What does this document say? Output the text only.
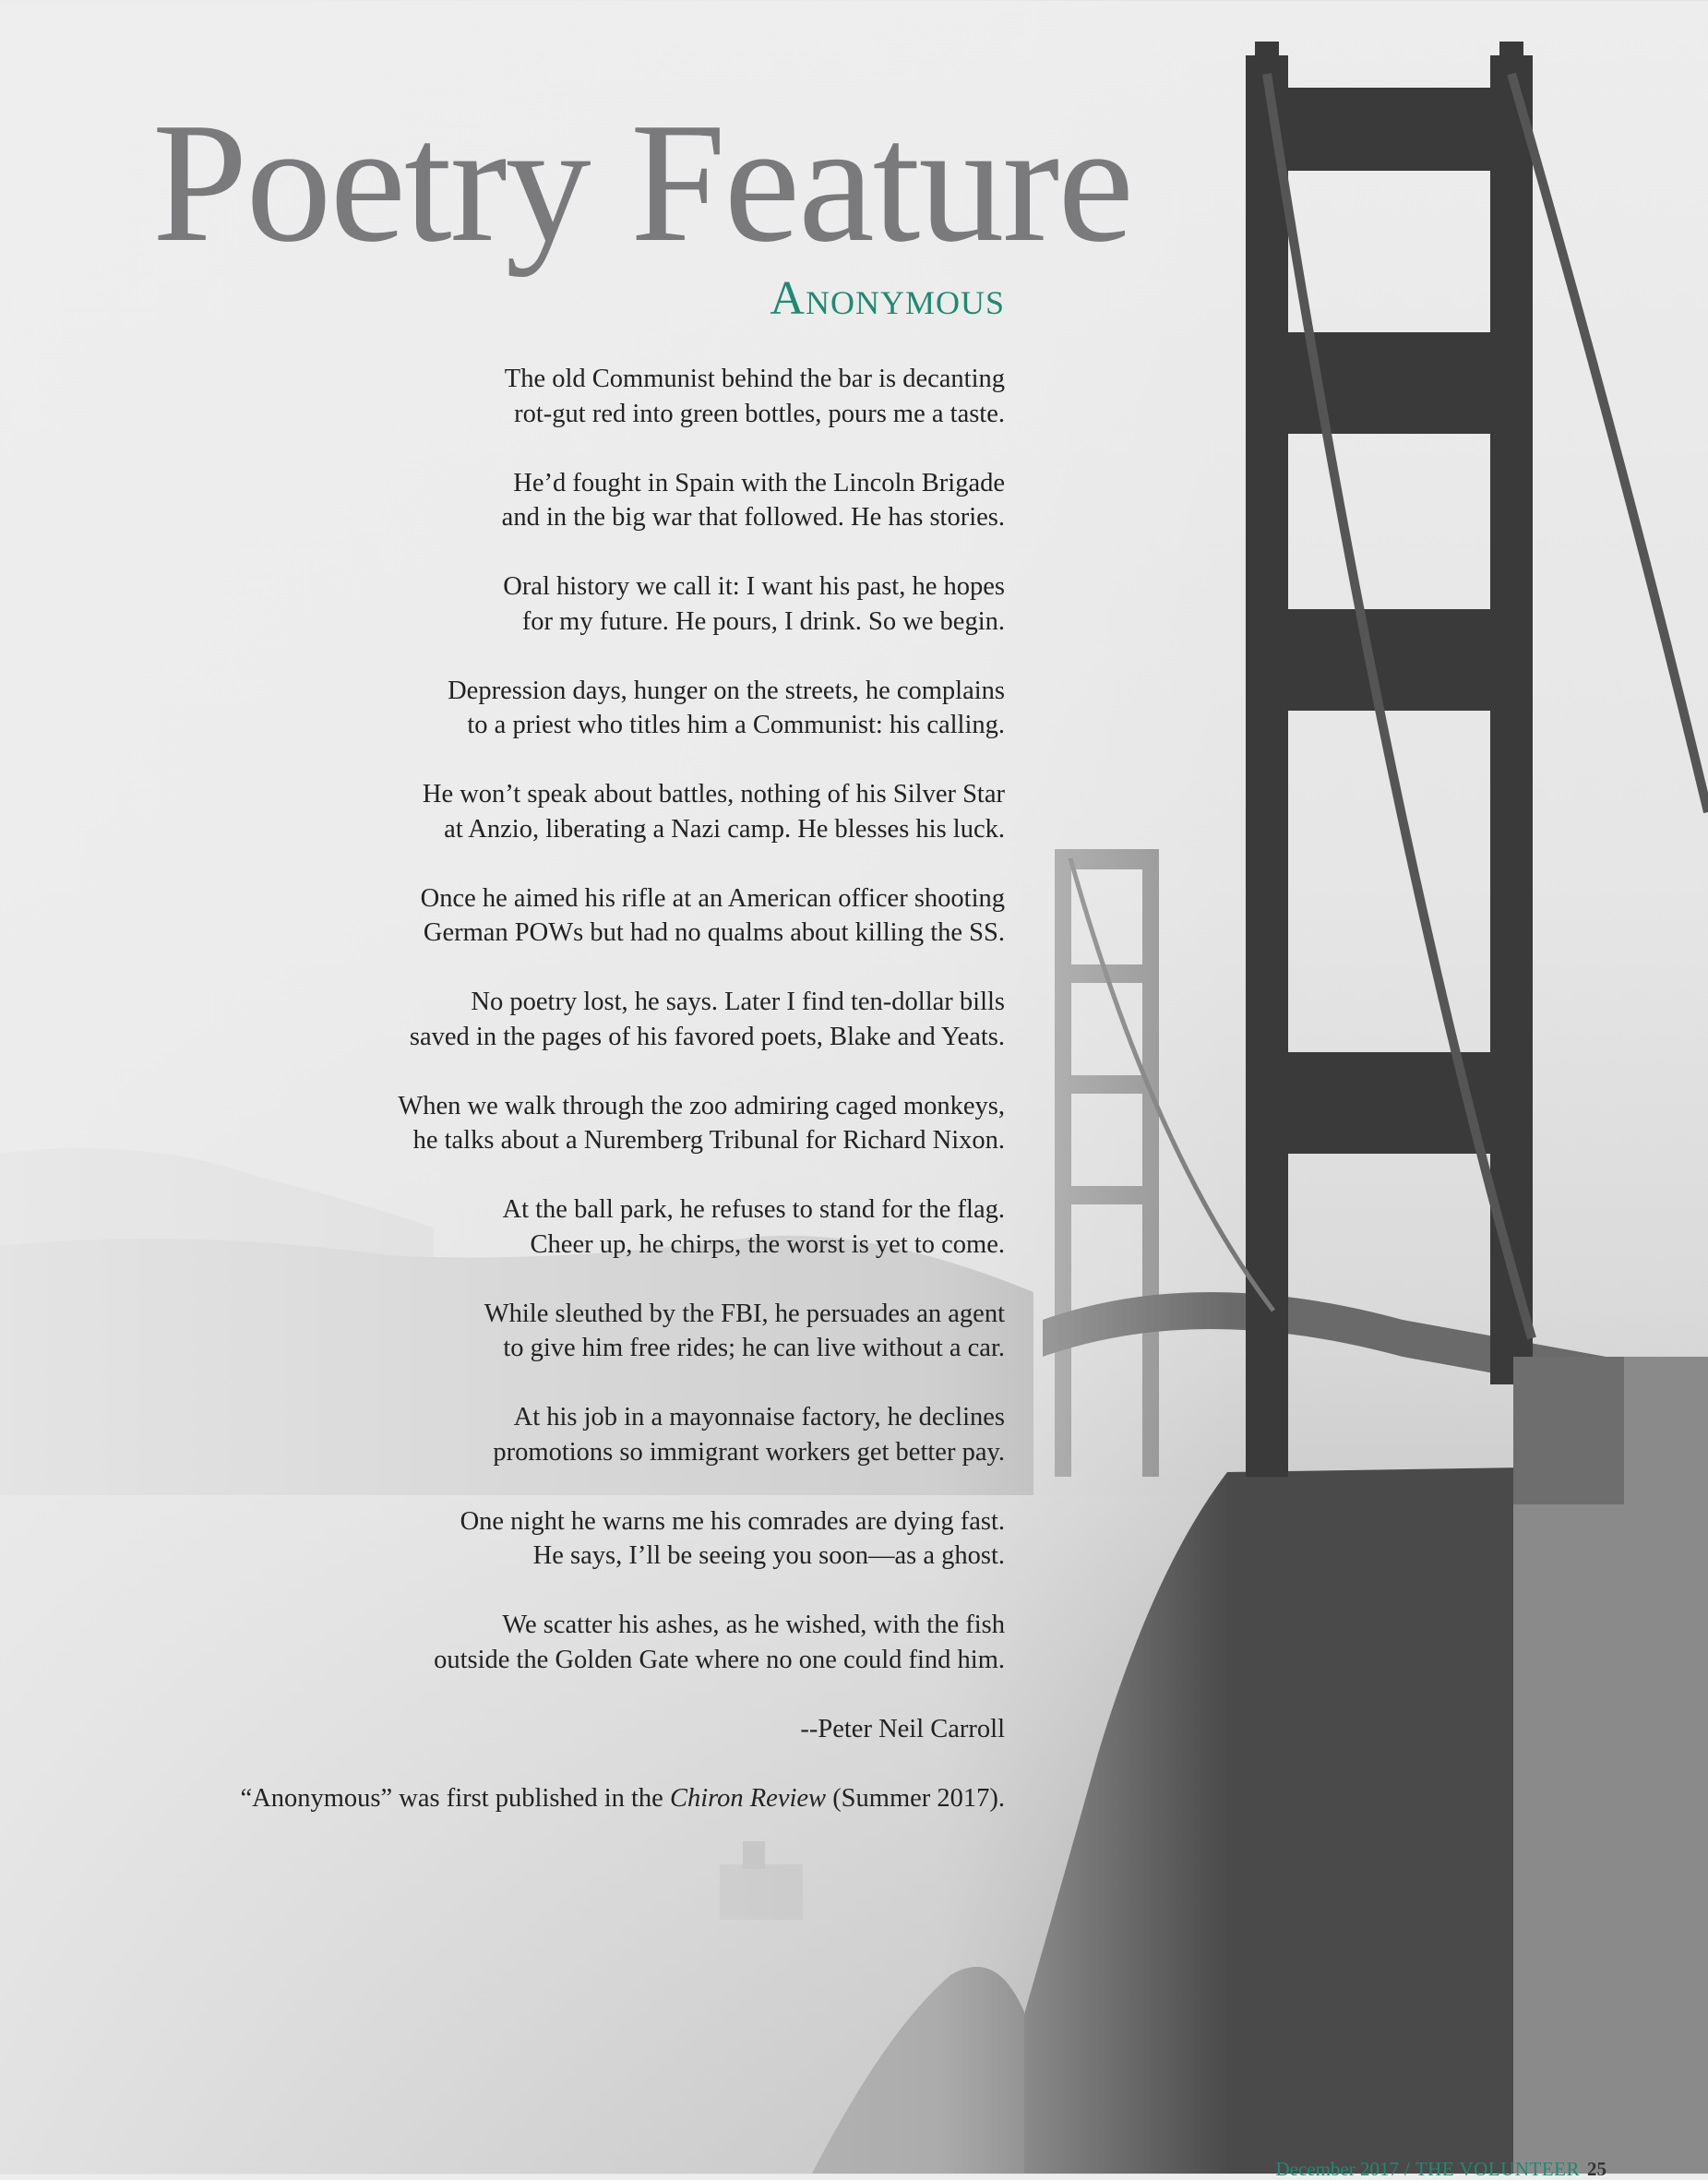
Poetry Feature
Anonymous

The old Communist behind the bar is decanting
rot-gut red into green bottles, pours me a taste.

He’d fought in Spain with the Lincoln Brigade
and in the big war that followed. He has stories.

Oral history we call it: I want his past, he hopes
for my future. He pours, I drink. So we begin.

Depression days, hunger on the streets, he complains
to a priest who titles him a Communist: his calling.

He won’t speak about battles, nothing of his Silver Star
at Anzio, liberating a Nazi camp. He blesses his luck.

Once he aimed his rifle at an American officer shooting
German POWs but had no qualms about killing the SS.

No poetry lost, he says. Later I find ten-dollar bills
saved in the pages of his favored poets, Blake and Yeats.

When we walk through the zoo admiring caged monkeys,
he talks about a Nuremberg Tribunal for Richard Nixon.

At the ball park, he refuses to stand for the flag.
Cheer up, he chirps, the worst is yet to come.

While sleuthed by the FBI, he persuades an agent
to give him free rides; he can live without a car.

At his job in a mayonnaise factory, he declines
promotions so immigrant workers get better pay.

One night he warns me his comrades are dying fast.
He says, I’ll be seeing you soon—as a ghost.

We scatter his ashes, as he wished, with the fish
outside the Golden Gate where no one could find him.

--Peter Neil Carroll

“Anonymous” was first published in the Chiron Review (Summer 2017).

December 2017 / THE VOLUNTEER 25
